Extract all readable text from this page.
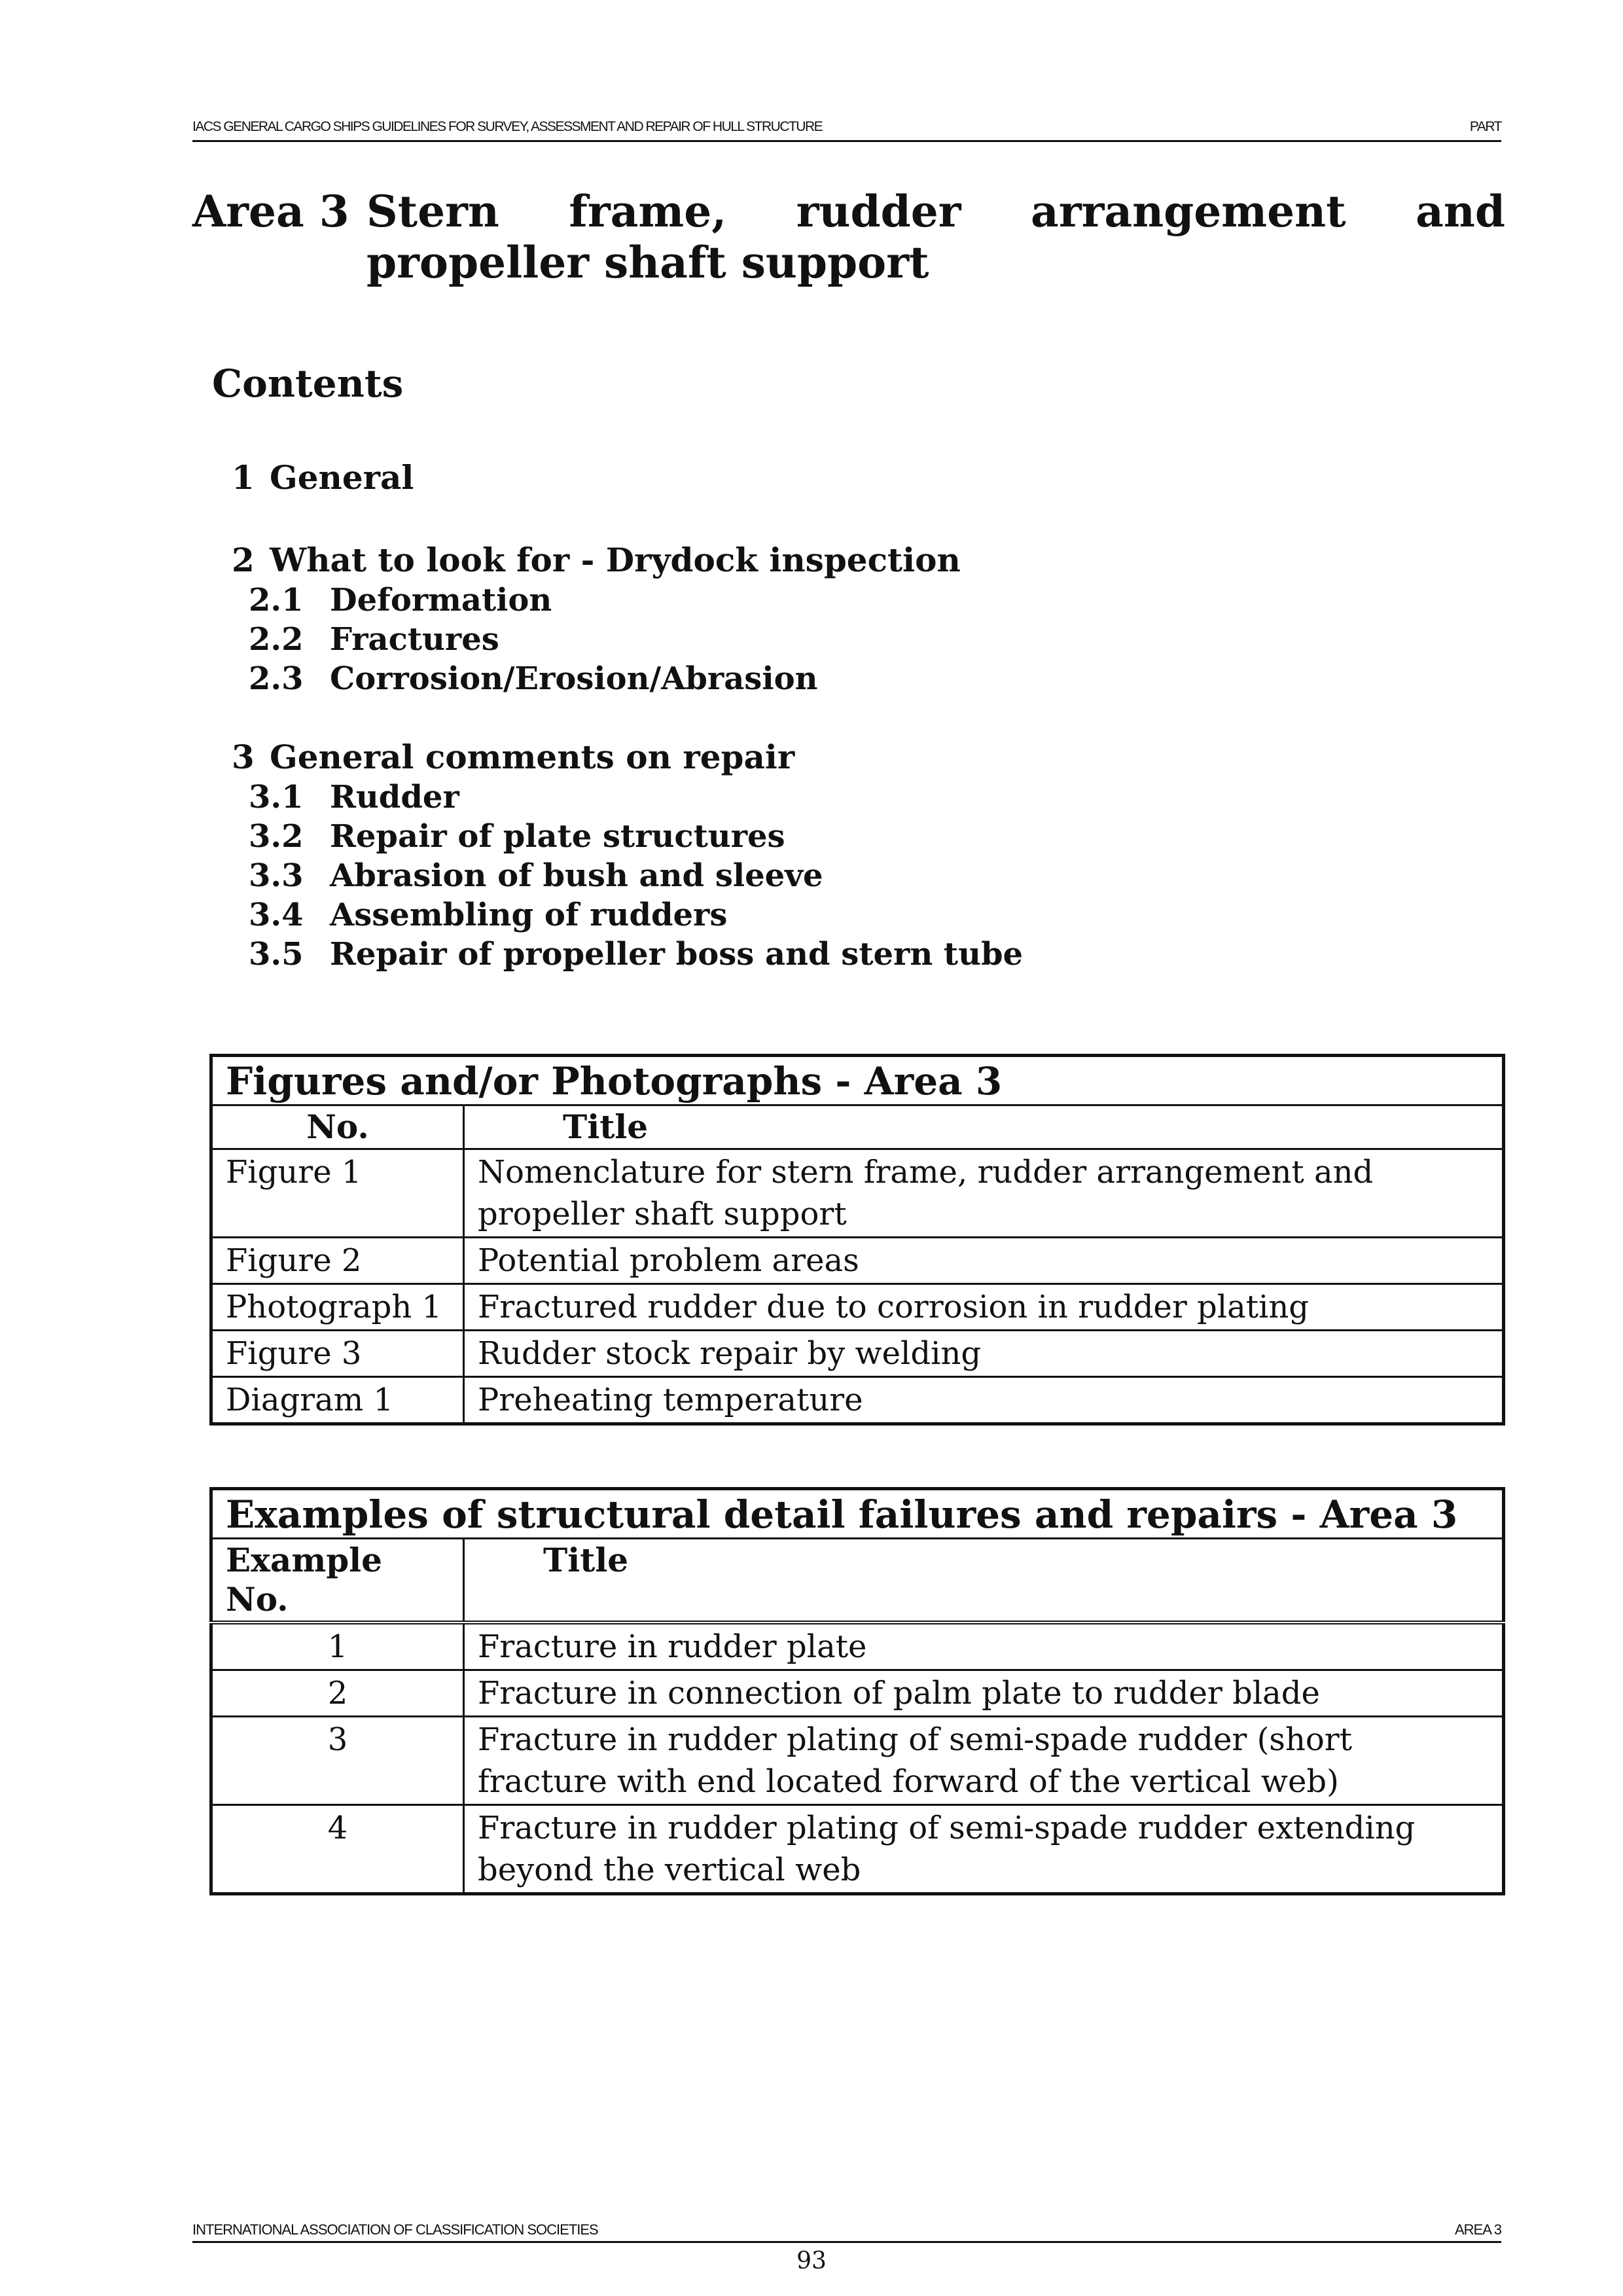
IACS GENERAL CARGO SHIPS GUIDELINES FOR SURVEY, ASSESSMENT AND REPAIR OF HULL STRUCTURE	PART
Area 3 Stern frame, rudder arrangement and propeller shaft support
Contents
1 General
2 What to look for - Drydock inspection
2.1 Deformation
2.2 Fractures
2.3 Corrosion/Erosion/Abrasion
3 General comments on repair
3.1 Rudder
3.2 Repair of plate structures
3.3 Abrasion of bush and sleeve
3.4 Assembling of rudders
3.5 Repair of propeller boss and stern tube
Figures and/or Photographs - Area 3	
No.	Title
Figure 1	Nomenclature for stern frame, rudder arrangement and propeller shaft support
Figure 2	Potential problem areas
Photograph 1	Fractured rudder due to corrosion in rudder plating
Figure 3	Rudder stock repair by welding
Diagram 1	Preheating temperature
Examples of structural detail failures and repairs - Area 3	
Example No.	Title
1	Fracture in rudder plate
2	Fracture in connection of palm plate to rudder blade
3	Fracture in rudder plating of semi-spade rudder (short fracture with end located forward of the vertical web)
4	Fracture in rudder plating of semi-spade rudder extending beyond the vertical web
INTERNATIONAL ASSOCIATION OF CLASSIFICATION SOCIETIES	AREA 3
93
